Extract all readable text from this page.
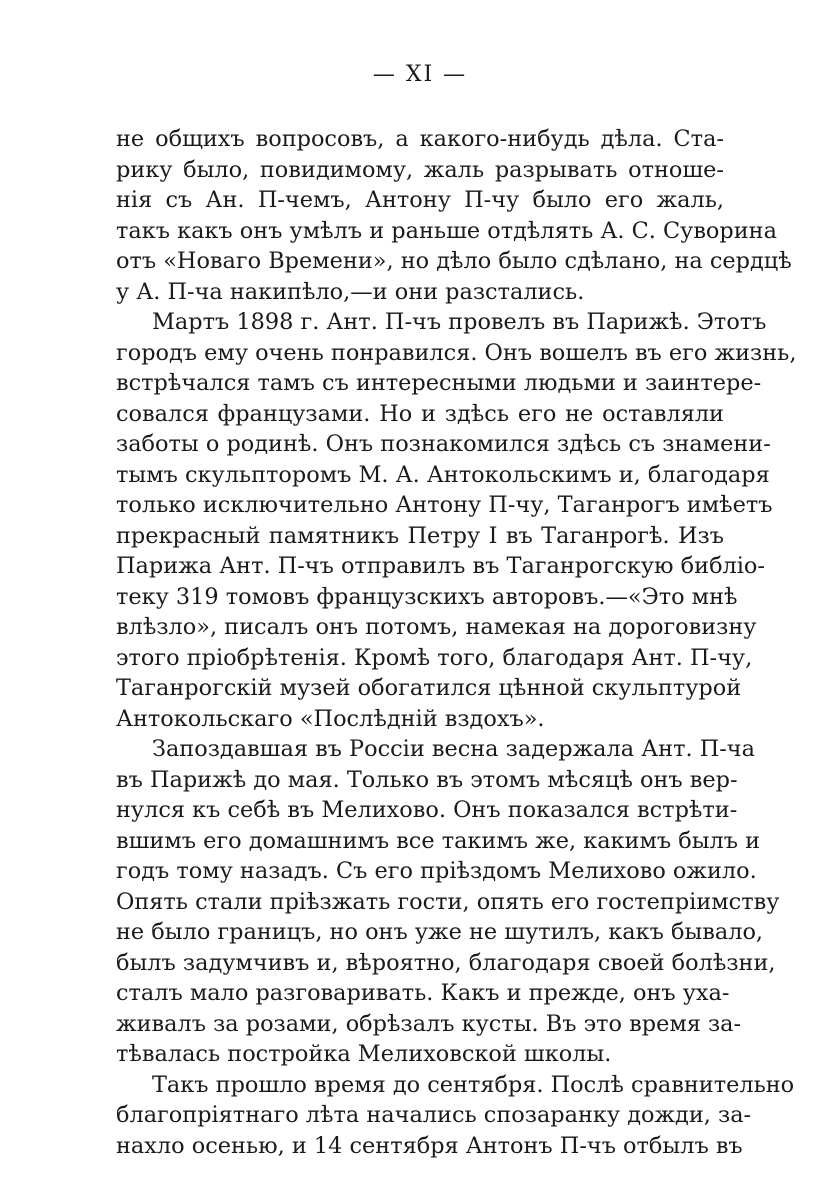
— XI —
не общихъ вопросовъ, а какого-нибудь дѣла. Ста-
рику было, повидимому, жаль разрывать отноше-
нія съ Ан. П-чемъ, Антону П-чу было его жаль,
такъ какъ онъ умѣлъ и раньше отдѣлять А. С. Суворина
отъ «Новаго Времени», но дѣло было сдѣлано, на сердцѣ
у А. П-ча накипѣло,—и они разстались.
Мартъ 1898 г. Ант. П-чъ провелъ въ Парижѣ. Этотъ
городъ ему очень понравился. Онъ вошелъ въ его жизнь,
встрѣчался тамъ съ интересными людьми и заинтере-
совался французами. Но и здѣсь его не оставляли
заботы о родинѣ. Онъ познакомился здѣсь съ знамени-
тымъ скульпторомъ М. А. Антокольскимъ и, благодаря
только исключительно Антону П-чу, Таганрогъ имѣетъ
прекрасный памятникъ Петру I въ Таганрогѣ. Изъ
Парижа Ант. П-чъ отправилъ въ Таганрогскую библіо-
теку 319 томовъ французскихъ авторовъ.—«Это мнѣ
влѣзло», писалъ онъ потомъ, намекая на дороговизну
этого пріобрѣтенія. Кромѣ того, благодаря Ант. П-чу,
Таганрогскій музей обогатился цѣнной скульптурой
Антокольскаго «Послѣдній вздохъ».
Запоздавшая въ Россіи весна задержала Ант. П-ча
въ Парижѣ до мая. Только въ этомъ мѣсяцѣ онъ вер-
нулся къ себѣ въ Мелихово. Онъ показался встрѣти-
вшимъ его домашнимъ все такимъ же, какимъ былъ и
годъ тому назадъ. Съ его пріѣздомъ Мелихово ожило.
Опять стали пріѣзжать гости, опять его гостепріимству
не было границъ, но онъ уже не шутилъ, какъ бывало,
былъ задумчивъ и, вѣроятно, благодаря своей болѣзни,
сталъ мало разговаривать. Какъ и прежде, онъ уха-
живалъ за розами, обрѣзалъ кусты. Въ это время за-
тѣвалась постройка Мелиховской школы.
Такъ прошло время до сентября. Послѣ сравнительно
благопріятнаго лѣта начались спозаранку дожди, за-
нахло осенью, и 14 сентября Антонъ П-чъ отбылъ въ
